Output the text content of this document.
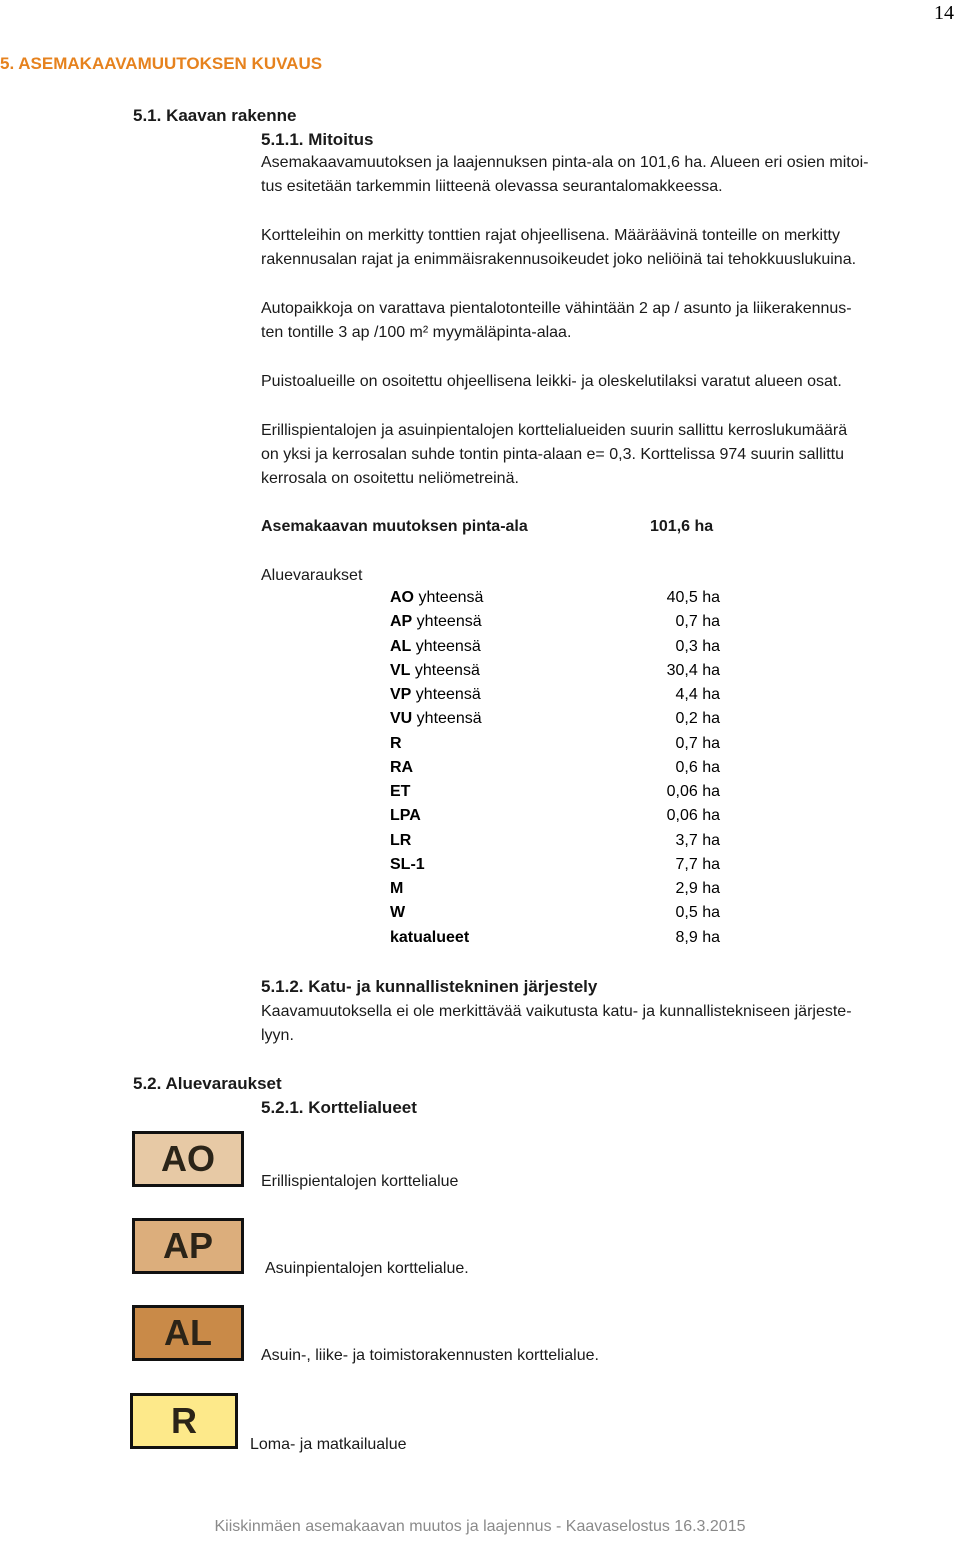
14
5. ASEMAKAAVAMUUTOKSEN KUVAUS
5.1. Kaavan rakenne
5.1.1. Mitoitus
Asemakaavamuutoksen ja laajennuksen pinta-ala on 101,6 ha. Alueen eri osien mitoi-
tus esitetään tarkemmin liitteenä olevassa seurantalomakkeessa.
Kortteleihin on merkitty tonttien rajat ohjeellisena. Määräävinä tonteille on merkitty
rakennusalan rajat ja enimmäisrakennusoikeudet joko neliöinä tai tehokkuuslukuina.
Autopaikkoja on varattava pientalotonteille vähintään 2 ap / asunto ja liikerakennus-
ten tontille 3 ap /100 m² myymäläpinta-alaa.
Puistoalueille on osoitettu ohjeellisena leikki- ja oleskelutilaksi varatut alueen osat.
Erillispientalojen ja asuinpientalojen korttelialueiden suurin sallittu kerroslukumäärä
on yksi ja kerrosalan suhde tontin pinta-alaan e= 0,3. Korttelissa 974 suurin sallittu
kerrosala on osoitettu neliömetreinä.
Asemakaavan muutoksen pinta-ala	101,6 ha
Aluevaraukset
AO yhteensä	40,5 ha
AP yhteensä	0,7 ha
AL yhteensä	0,3 ha
VL yhteensä	30,4 ha
VP yhteensä	4,4 ha
VU yhteensä	0,2 ha
R	0,7 ha
RA	0,6 ha
ET	0,06 ha
LPA	0,06 ha
LR	3,7 ha
SL-1	7,7 ha
M	2,9 ha
W	0,5 ha
katualueet	8,9 ha
5.1.2. Katu- ja kunnallistekninen järjestely
Kaavamuutoksella ei ole merkittävää vaikutusta katu- ja kunnallistekniseen järjeste-
lyyn.
5.2. Aluevaraukset
5.2.1. Korttelialueet
AO
Erillispientalojen korttelialue
AP
Asuinpientalojen korttelialue.
AL
Asuin-, liike- ja toimistorakennusten korttelialue.
R
Loma- ja matkailualue
Kiiskinmäen asemakaavan muutos ja laajennus - Kaavaselostus 16.3.2015
